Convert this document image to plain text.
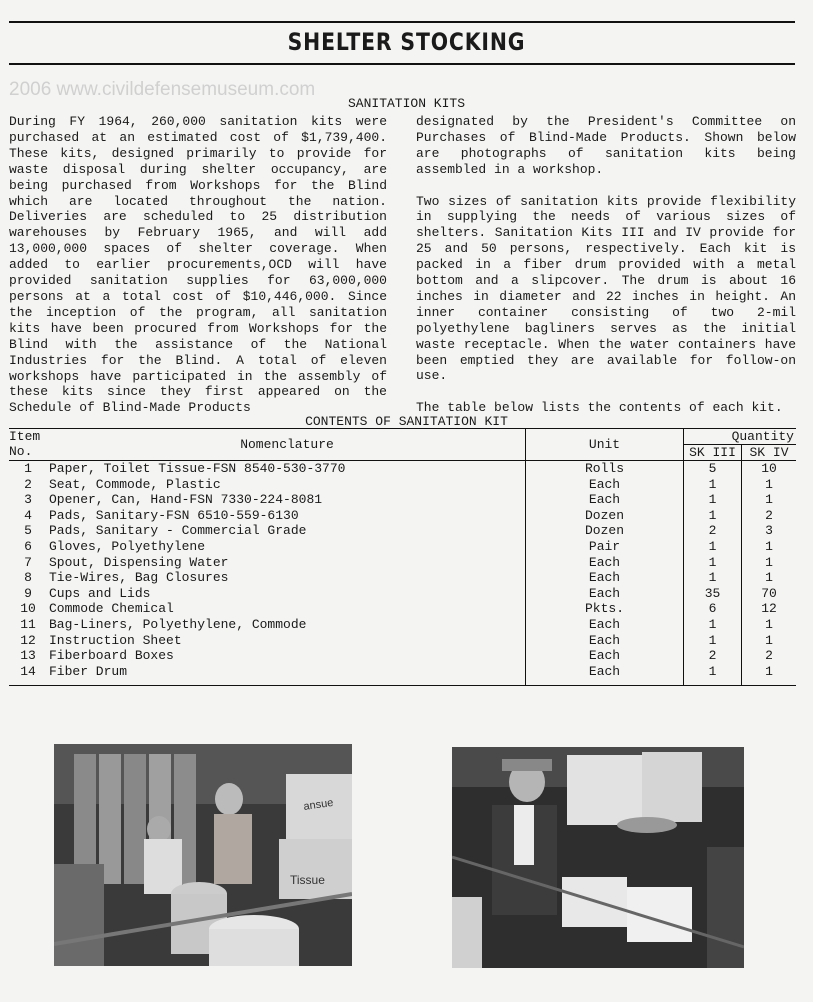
SHELTER STOCKING
2006 www.civildefensemuseum.com
SANITATION KITS

During FY 1964, 260,000 sanitation kits were purchased at an estimated cost of $1,739,400. These kits, designed primarily to provide for waste disposal during shelter occupancy, are being purchased from Workshops for the Blind which are located throughout the nation. Deliveries are scheduled to 25 distribution warehouses by February 1965, and will add 13,000,000 spaces of shelter coverage. When added to earlier procurements,OCD will have provided sanitation supplies for 63,000,000 persons at a total cost of $10,446,000. Since the inception of the program, all sanitation kits have been procured from Workshops for the Blind with the assistance of the National Industries for the Blind. A total of eleven workshops have participated in the assembly of these kits since they first appeared on the Schedule of Blind-Made Products

designated by the President's Committee on Purchases of Blind-Made Products. Shown below are photographs of sanitation kits being assembled in a workshop.

Two sizes of sanitation kits provide flexibility in supplying the needs of various sizes of shelters. Sanitation Kits III and IV provide for 25 and 50 persons, respectively. Each kit is packed in a fiber drum provided with a metal bottom and a slipcover. The drum is about 16 inches in diameter and 22 inches in height. An inner container consisting of two 2-mil polyethylene bagliners serves as the initial waste receptacle. When the water containers have been emptied they are available for follow-on use.

The table below lists the contents of each kit.

CONTENTS OF SANITATION KIT
Item
No.	Nomenclature	Unit	Quantity	
			SK III	SK IV
1	Paper, Toilet Tissue-FSN 8540-530-3770	Rolls	5	10
2	Seat, Commode, Plastic	Each	1	1
3	Opener, Can, Hand-FSN 7330-224-8081	Each	1	1
4	Pads, Sanitary-FSN 6510-559-6130	Dozen	1	2
5	Pads, Sanitary - Commercial Grade	Dozen	2	3
6	Gloves, Polyethylene	Pair	1	1
7	Spout, Dispensing Water	Each	1	1
8	Tie-Wires, Bag Closures	Each	1	1
9	Cups and Lids	Each	35	70
10	Commode Chemical	Pkts.	6	12
11	Bag-Liners, Polyethylene, Commode	Each	1	1
12	Instruction Sheet	Each	1	1
13	Fiberboard Boxes	Each	2	2
14	Fiber Drum	Each	1	1
ansue
Tissue
